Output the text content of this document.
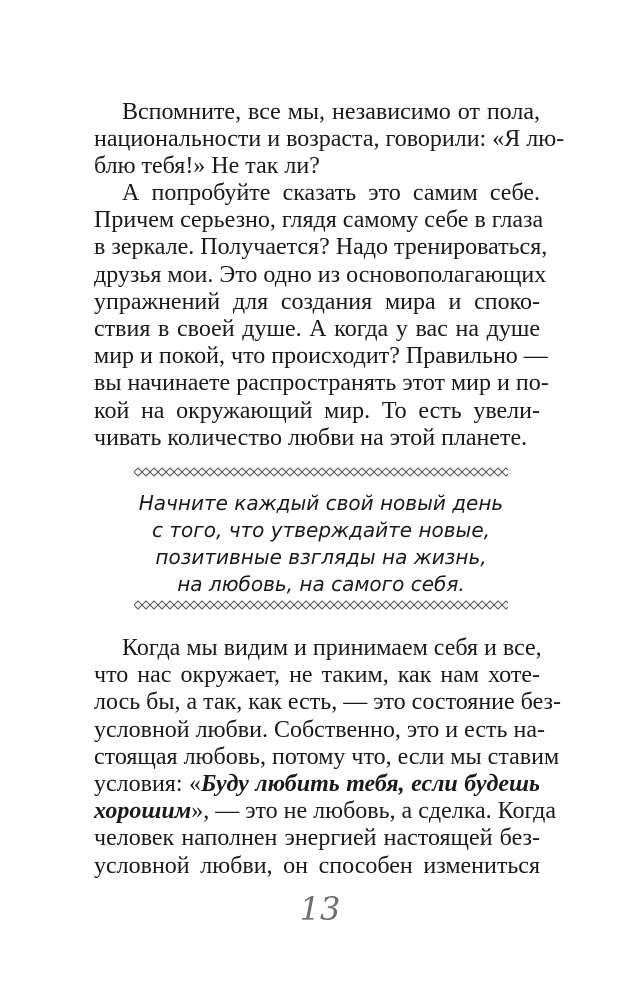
Вспомните, все мы, независимо от пола,
национальности и возраста, говорили: «Я лю-
блю тебя!» Не так ли?
А попробуйте сказать это самим себе.
Причем серьезно, глядя самому себе в глаза
в зеркале. Получается? Надо тренироваться,
друзья мои. Это одно из основополагающих
упражнений для создания мира и споко-
ствия в своей душе. А когда у вас на душе
мир и покой, что происходит? Правильно —
вы начинаете распространять этот мир и по-
кой на окружающий мир. То есть увели-
чивать количество любви на этой планете.
Начните каждый свой новый день
с того, что утверждайте новые,
позитивные взгляды на жизнь,
на любовь, на самого себя.
Когда мы видим и принимаем себя и все,
что нас окружает, не таким, как нам хоте-
лось бы, а так, как есть, — это состояние без-
условной любви. Собственно, это и есть на-
стоящая любовь, потому что, если мы ставим
условия: «Буду любить тебя, если будешь
хорошим», — это не любовь, а сделка. Когда
человек наполнен энергией настоящей без-
условной любви, он способен измениться
13
